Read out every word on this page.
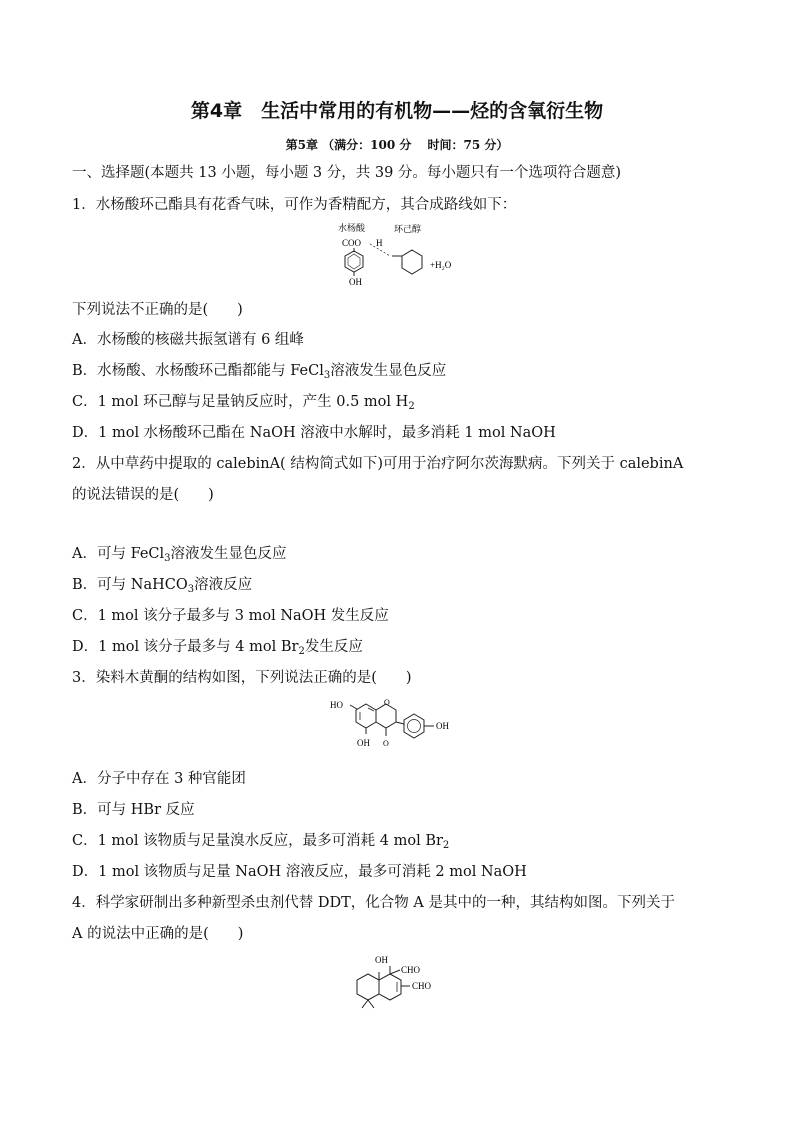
第4章　生活中常用的有机物——烃的含氧衍生物
第5章 （满分：100 分　 时间：75 分）
一、选择题(本题共 13 小题，每小题 3 分，共 39 分。每小题只有一个选项符合题意)
1．水杨酸环己酯具有花香气味，可作为香精配方，其合成路线如下：
水杨酸	环己醇
COO H
OH
+H₂O
下列说法不正确的是(　　)
A．水杨酸的核磁共振氢谱有 6 组峰
B．水杨酸、水杨酸环己酯都能与 FeCl$_3$溶液发生显色反应
C．1 mol 环己醇与足量钠反应时，产生 0.5 mol $H_2$
D．1 mol 水杨酸环己酯在 NaOH 溶液中水解时，最多消耗 1 mol NaOH
2．从中草药中提取的 calebinA( 结构简式如下)可用于治疗阿尔茨海默病。下列关于 calebinA
的说法错误的是(　　)
A．可与 FeCl$_3$溶液发生显色反应
B．可与 NaHCO$_3$溶液反应
C．1 mol 该分子最多与 3 mol NaOH 发生反应
D．1 mol 该分子最多与 4 mol $Br_2$发生反应
3．染料木黄酮的结构如图，下列说法正确的是(　　)
HO	O
O
OH
OH
A．分子中存在 3 种官能团
B．可与 HBr 反应
C．1 mol 该物质与足量溴水反应，最多可消耗 4 mol $Br_2$
D．1 mol 该物质与足量 NaOH 溶液反应，最多可消耗 2 mol NaOH
4．科学家研制出多种新型杀虫剂代替 DDT，化合物 A 是其中的一种，其结构如图。下列关于
A 的说法中正确的是(　　)
OH
CHO
CHO
